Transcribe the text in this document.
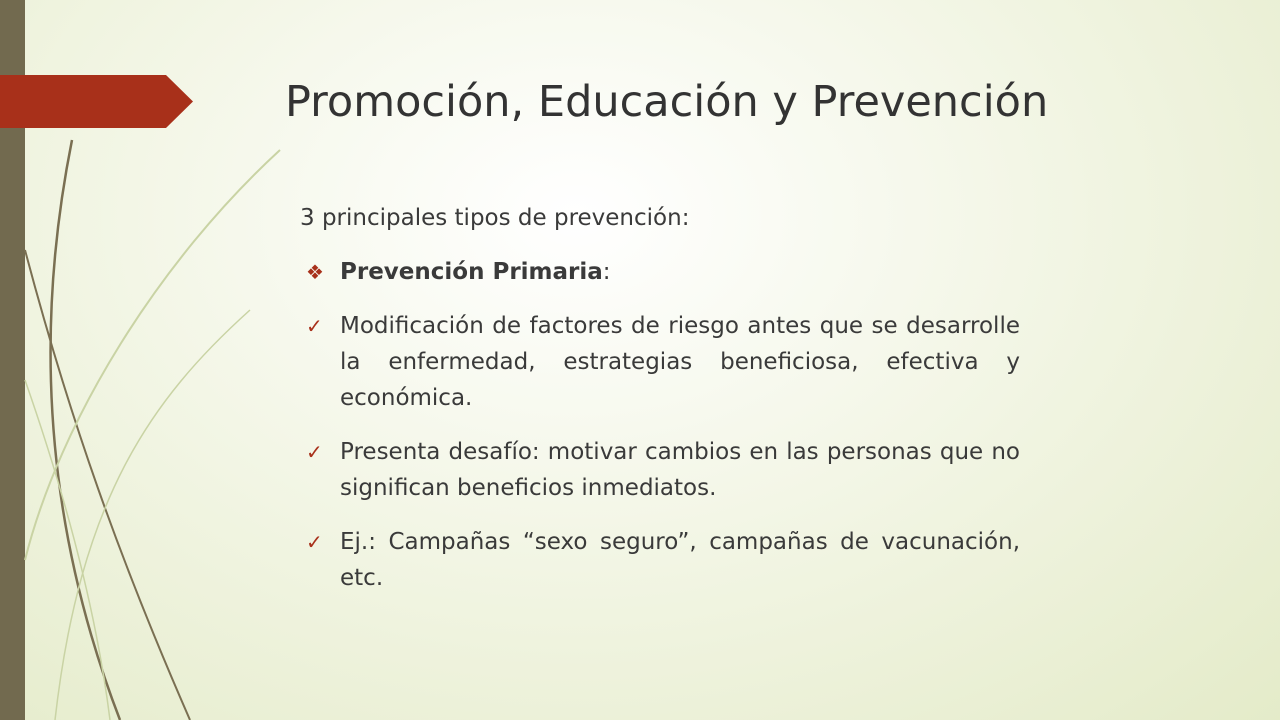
Promoción, Educación y Prevención

3 principales tipos de prevención:

❖ Prevención Primaria:
✓ Modificación de factores de riesgo antes que se desarrolle la enfermedad, estrategias beneficiosa, efectiva y económica.
✓ Presenta desafío: motivar cambios en las personas que no significan beneficios inmediatos.
✓ Ej.: Campañas “sexo seguro”, campañas de vacunación, etc.
